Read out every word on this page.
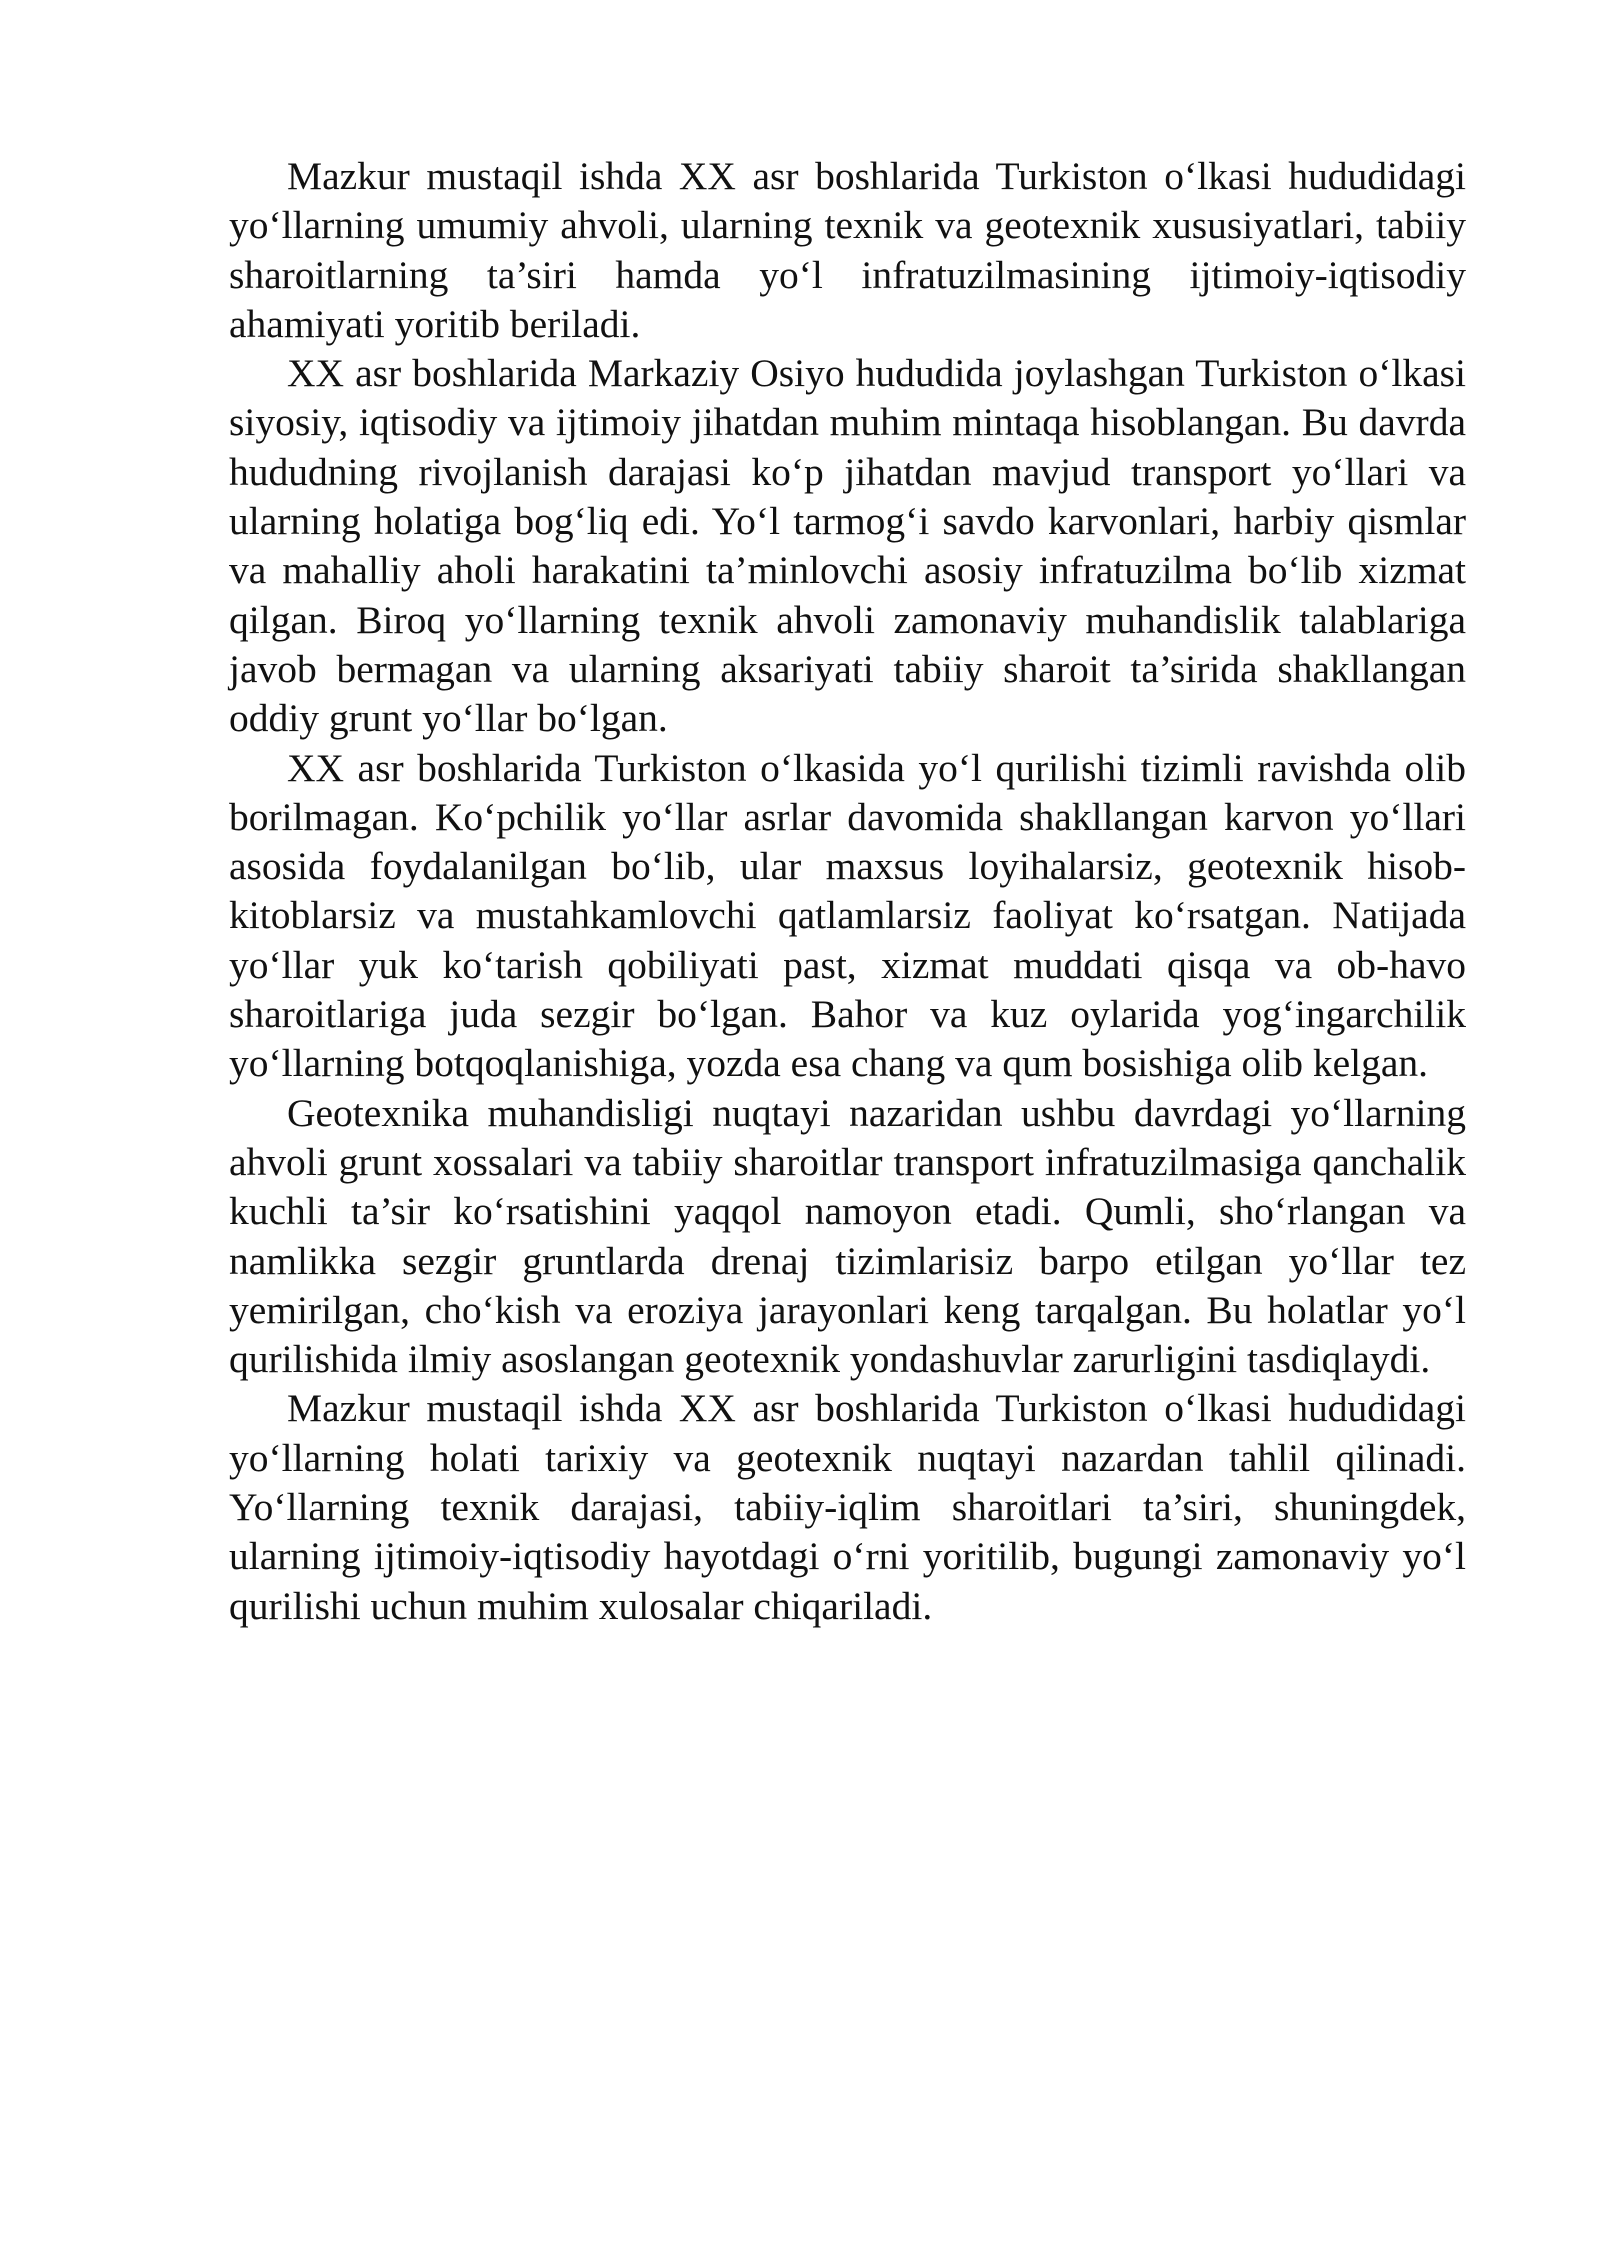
Mazkur mustaqil ishda XX asr boshlarida Turkiston o‘lkasi hududidagi yo‘llarning umumiy ahvoli, ularning texnik va geotexnik xususiyatlari, tabiiy sharoitlarning ta’siri hamda yo‘l infratuzilmasining ijtimoiy-iqtisodiy ahamiyati yoritib beriladi.

XX asr boshlarida Markaziy Osiyo hududida joylashgan Turkiston o‘lkasi siyosiy, iqtisodiy va ijtimoiy jihatdan muhim mintaqa hisoblangan. Bu davrda hududning rivojlanish darajasi ko‘p jihatdan mavjud transport yo‘llari va ularning holatiga bog‘liq edi. Yo‘l tarmog‘i savdo karvonlari, harbiy qismlar va mahalliy aholi harakatini ta’minlovchi asosiy infratuzilma bo‘lib xizmat qilgan. Biroq yo‘llarning texnik ahvoli zamonaviy muhandislik talablariga javob bermagan va ularning aksariyati tabiiy sharoit ta’sirida shakllangan oddiy grunt yo‘llar bo‘lgan.

XX asr boshlarida Turkiston o‘lkasida yo‘l qurilishi tizimli ravishda olib borilmagan. Ko‘pchilik yo‘llar asrlar davomida shakllangan karvon yo‘llari asosida foydalanilgan bo‘lib, ular maxsus loyihalarsiz, geotexnik hisob-kitoblarsiz va mustahkamlovchi qatlamlarsiz faoliyat ko‘rsatgan. Natijada yo‘llar yuk ko‘tarish qobiliyati past, xizmat muddati qisqa va ob-havo sharoitlariga juda sezgir bo‘lgan. Bahor va kuz oylarida yog‘ingarchilik yo‘llarning botqoqlanishiga, yozda esa chang va qum bosishiga olib kelgan.

Geotexnika muhandisligi nuqtayi nazaridan ushbu davrdagi yo‘llarning ahvoli grunt xossalari va tabiiy sharoitlar transport infratuzilmasiga qanchalik kuchli ta’sir ko‘rsatishini yaqqol namoyon etadi. Qumli, sho‘rlangan va namlikka sezgir gruntlarda drenaj tizimlarisiz barpo etilgan yo‘llar tez yemirilgan, cho‘kish va eroziya jarayonlari keng tarqalgan. Bu holatlar yo‘l qurilishida ilmiy asoslangan geotexnik yondashuvlar zarurligini tasdiqlaydi.

Mazkur mustaqil ishda XX asr boshlarida Turkiston o‘lkasi hududidagi yo‘llarning holati tarixiy va geotexnik nuqtayi nazardan tahlil qilinadi. Yo‘llarning texnik darajasi, tabiiy-iqlim sharoitlari ta’siri, shuningdek, ularning ijtimoiy-iqtisodiy hayotdagi o‘rni yoritilib, bugungi zamonaviy yo‘l qurilishi uchun muhim xulosalar chiqariladi.
